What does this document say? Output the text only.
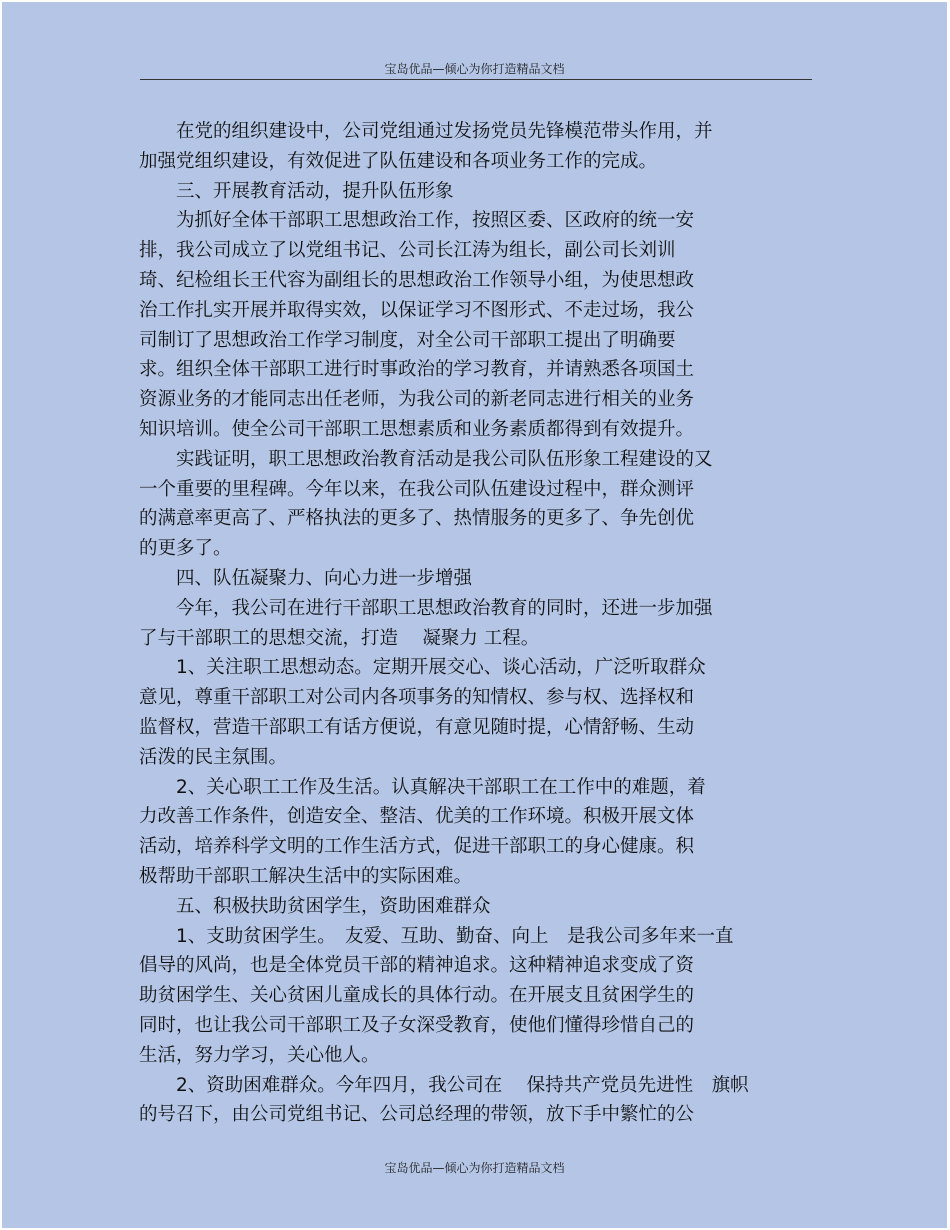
宝岛优品—倾心为你打造精品文档
在党的组织建设中，公司党组通过发扬党员先锋模范带头作用，并
加强党组织建设，有效促进了队伍建设和各项业务工作的完成。
三、开展教育活动，提升队伍形象
为抓好全体干部职工思想政治工作，按照区委、区政府的统一安
排，我公司成立了以党组书记、公司长江涛为组长，副公司长刘训
琦、纪检组长王代容为副组长的思想政治工作领导小组，为使思想政
治工作扎实开展并取得实效，以保证学习不图形式、不走过场，我公
司制订了思想政治工作学习制度，对全公司干部职工提出了明确要
求。组织全体干部职工进行时事政治的学习教育，并请熟悉各项国土
资源业务的才能同志出任老师，为我公司的新老同志进行相关的业务
知识培训。使全公司干部职工思想素质和业务素质都得到有效提升。
实践证明，职工思想政治教育活动是我公司队伍形象工程建设的又
一个重要的里程碑。今年以来，在我公司队伍建设过程中，群众测评
的满意率更高了、严格执法的更多了、热情服务的更多了、争先创优
的更多了。
四、队伍凝聚力、向心力进一步增强
今年，我公司在进行干部职工思想政治教育的同时，还进一步加强
了与干部职工的思想交流，打造　 凝聚力 工程。
1、关注职工思想动态。定期开展交心、谈心活动，广泛听取群众
意见，尊重干部职工对公司内各项事务的知情权、参与权、选择权和
监督权，营造干部职工有话方便说，有意见随时提，心情舒畅、生动
活泼的民主氛围。
2、关心职工工作及生活。认真解决干部职工在工作中的难题，着
力改善工作条件，创造安全、整洁、优美的工作环境。积极开展文体
活动，培养科学文明的工作生活方式，促进干部职工的身心健康。积
极帮助干部职工解决生活中的实际困难。
五、积极扶助贫困学生，资助困难群众
1、支助贫困学生。　友爱、互助、勤奋、向上　是我公司多年来一直
倡导的风尚，也是全体党员干部的精神追求。这种精神追求变成了资
助贫困学生、关心贫困儿童成长的具体行动。在开展支且贫困学生的
同时，也让我公司干部职工及子女深受教育，使他们懂得珍惜自己的
生活，努力学习，关心他人。
2、资助困难群众。今年四月，我公司在　 保持共产党员先进性　旗帜
的号召下，由公司党组书记、公司总经理的带领，放下手中繁忙的公
宝岛优品—倾心为你打造精品文档
